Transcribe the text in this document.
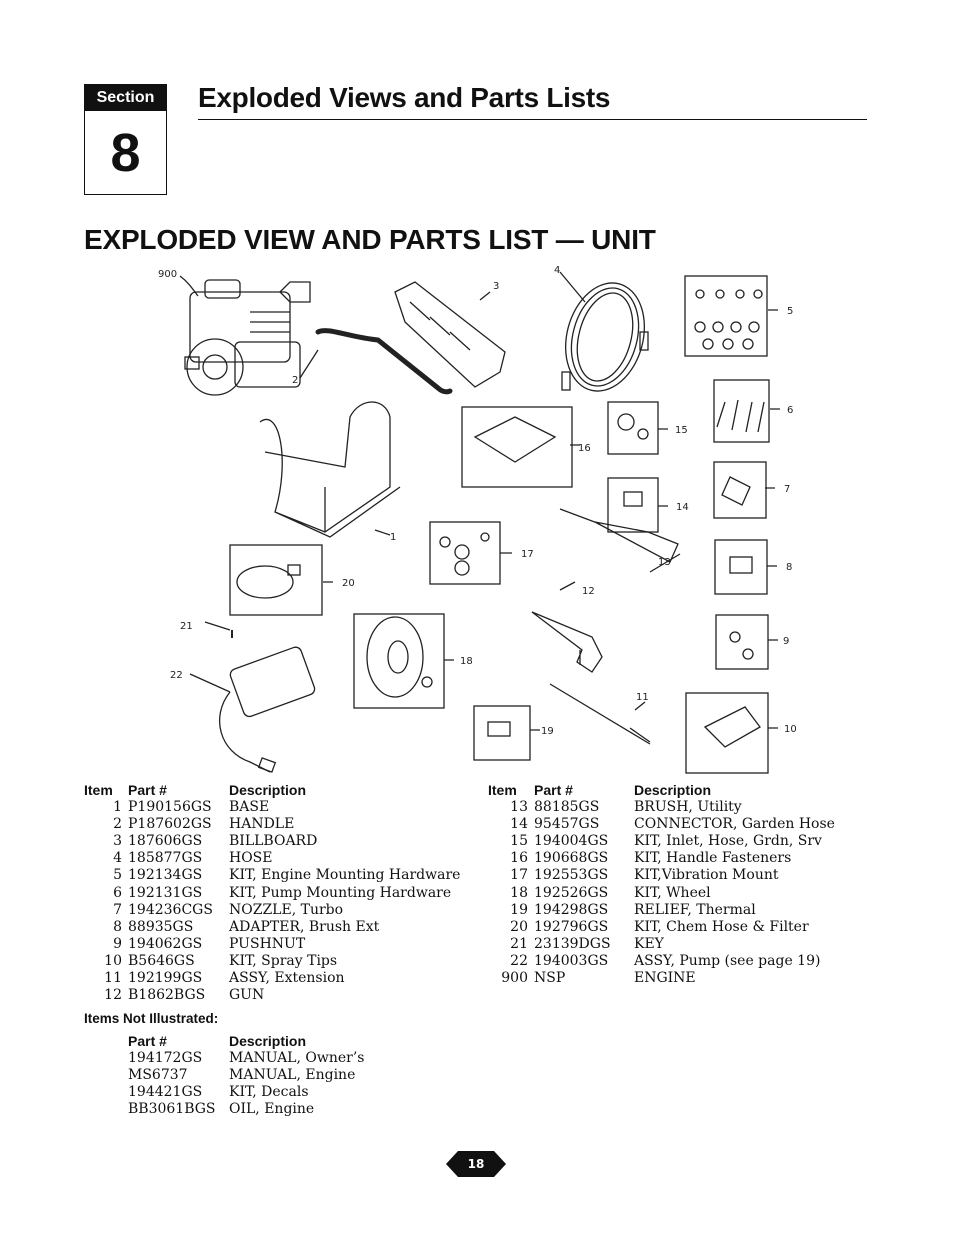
Section
8
Exploded Views and Parts Lists
EXPLODED VIEW AND PARTS LIST — UNIT
900
2
3
4
5
6
7
8
9
10
11
12
13
14
15
16
17
18
19
20
21
22
1
Item	Part #	Description
1	P190156GS	BASE
2	P187602GS	HANDLE
3	187606GS	BILLBOARD
4	185877GS	HOSE
5	192134GS	KIT, Engine Mounting Hardware
6	192131GS	KIT, Pump Mounting Hardware
7	194236CGS	NOZZLE, Turbo
8	88935GS	ADAPTER, Brush Ext
9	194062GS	PUSHNUT
10	B5646GS	KIT, Spray Tips
11	192199GS	ASSY, Extension
12	B1862BGS	GUN
Item	Part #	Description
13	88185GS	BRUSH, Utility
14	95457GS	CONNECTOR, Garden Hose
15	194004GS	KIT, Inlet, Hose, Grdn, Srv
16	190668GS	KIT, Handle Fasteners
17	192553GS	KIT,Vibration Mount
18	192526GS	KIT, Wheel
19	194298GS	RELIEF, Thermal
20	192796GS	KIT, Chem Hose & Filter
21	23139DGS	KEY
22	194003GS	ASSY, Pump (see page 19)
900	NSP	ENGINE
Items Not Illustrated:
Part #	Description
194172GS	MANUAL, Owner’s
MS6737	MANUAL, Engine
194421GS	KIT, Decals
BB3061BGS	OIL, Engine
18
